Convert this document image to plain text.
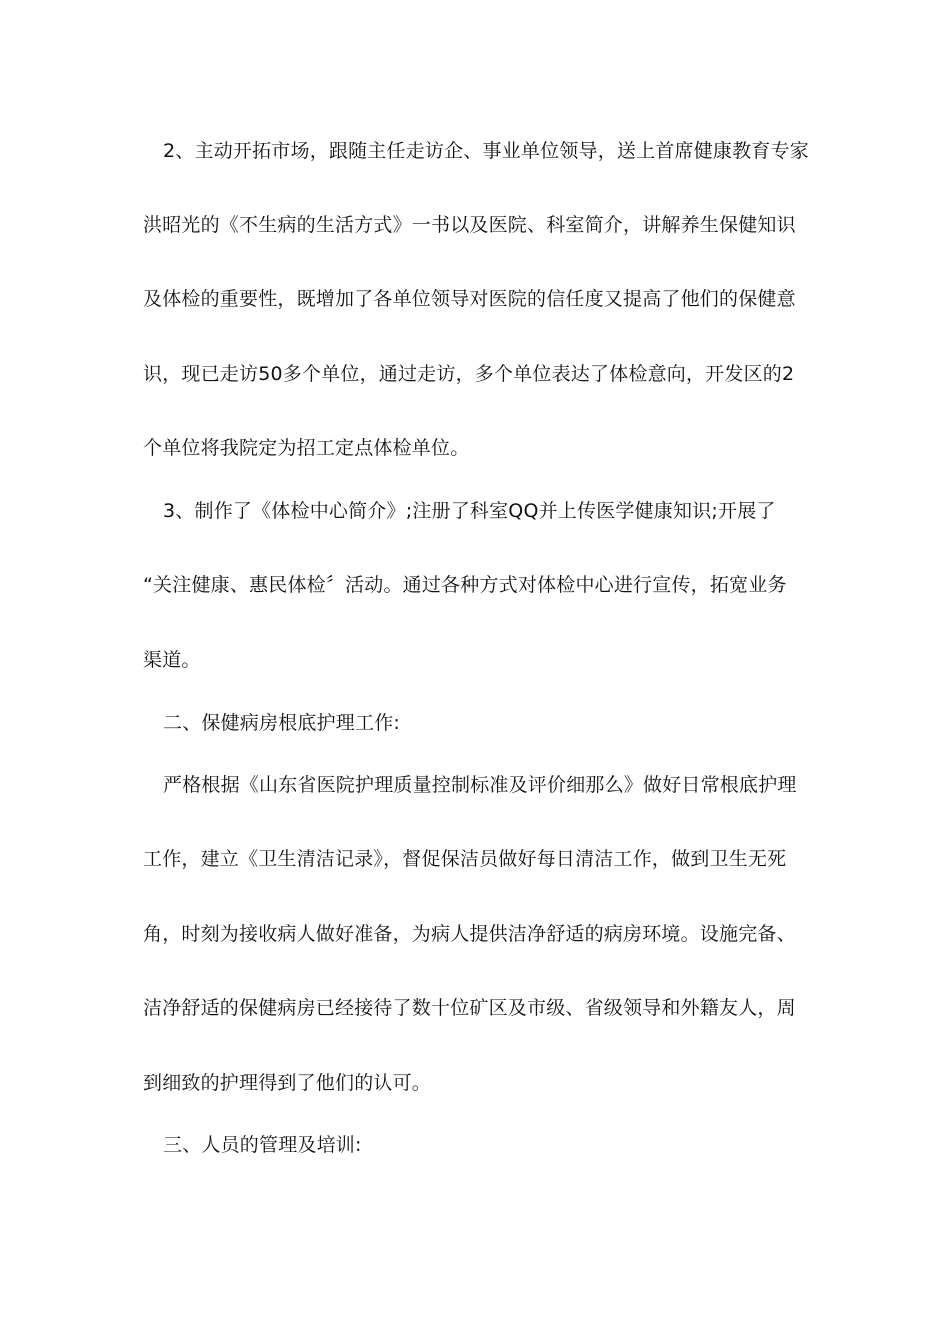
2、主动开拓市场，跟随主任走访企、事业单位领导，送上首席健康教育专家
洪昭光的《不生病的生活方式》一书以及医院、科室简介，讲解养生保健知识
及体检的重要性，既增加了各单位领导对医院的信任度又提高了他们的保健意
识，现已走访50多个单位，通过走访，多个单位表达了体检意向，开发区的2
个单位将我院定为招工定点体检单位。
3、制作了《体检中心简介》;注册了科室QQ并上传医学健康知识;开展了
“关注健康、惠民体检〞活动。通过各种方式对体检中心进行宣传，拓宽业务
渠道。
二、保健病房根底护理工作:
严格根据《山东省医院护理质量控制标准及评价细那么》做好日常根底护理
工作，建立《卫生清洁记录》，督促保洁员做好每日清洁工作，做到卫生无死
角，时刻为接收病人做好准备，为病人提供洁净舒适的病房环境。设施完备、
洁净舒适的保健病房已经接待了数十位矿区及市级、省级领导和外籍友人，周
到细致的护理得到了他们的认可。
三、人员的管理及培训:
